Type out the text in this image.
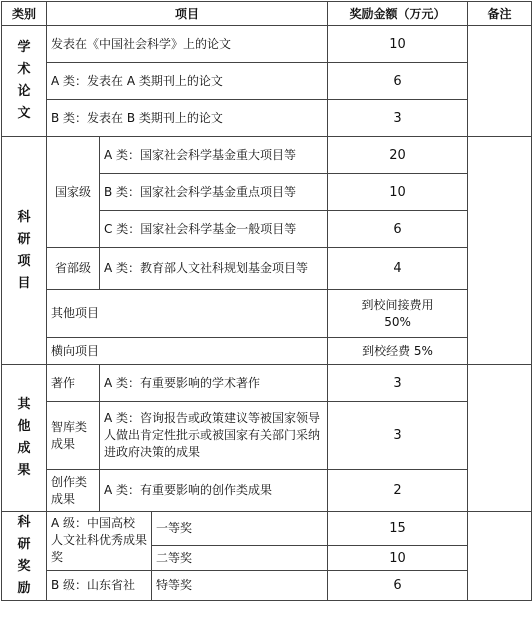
类别	项目			奖励金额（万元）	备注

学
术
论
文	发表在《中国社会科学》上的论文			10	
	A 类：发表在 A 类期刊上的论文			6	
	B 类：发表在 B 类期刊上的论文			3	

科
研
项
目	国家级	A 类：国家社会科学基金重大项目等		20	
		B 类：国家社会科学基金重点项目等		10	
		C 类：国家社会科学基金一般项目等		6	
	省部级	A 类：教育部人文社科规划基金项目等		4	
	其他项目			到校间接费用 50%	
	横向项目			到校经费 5%	

其
他
成
果	著作	A 类：有重要影响的学术著作		3	
	智库类成果	A 类：咨询报告或政策建议等被国家领导人做出肯定性批示或被国家有关部门采纳进政府决策的成果		3	
	创作类成果	A 类：有重要影响的创作类成果		2	

科
研
奖
励	A 级：中国高校人文社科优秀成果奖		一等奖	15	
			二等奖	10	
	B 级：山东省社		特等奖	6	
